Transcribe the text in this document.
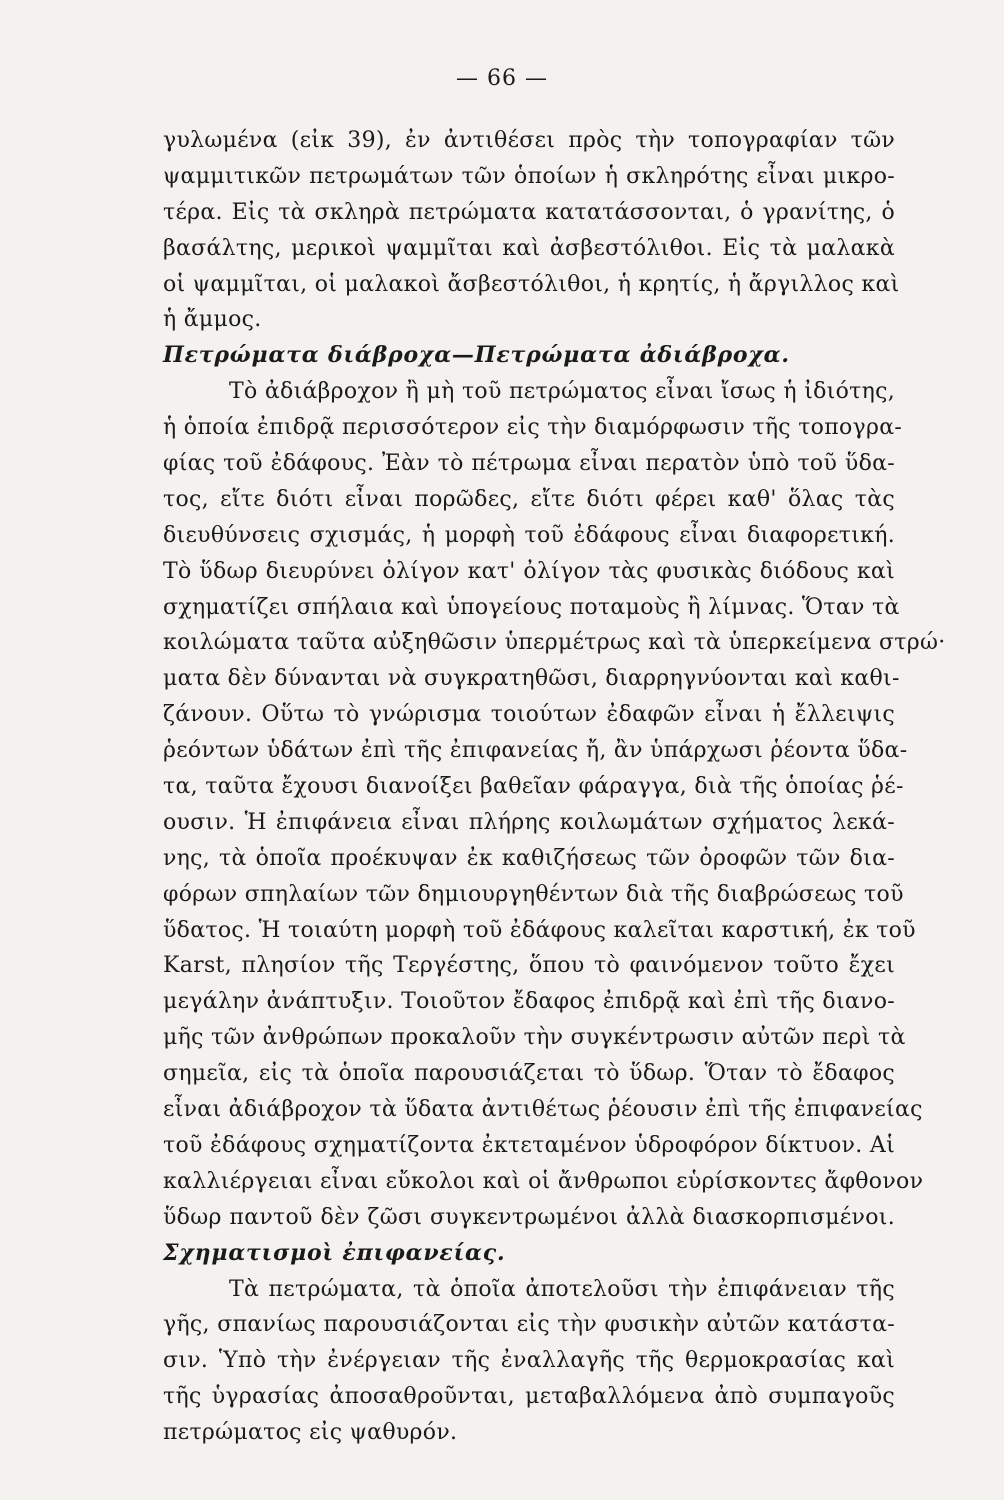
— 66 —
γυλωμένα (εἰκ 39), ἐν ἀντιθέσει πρὸς τὴν τοπογραφίαν τῶν
ψαμμιτικῶν πετρωμάτων τῶν ὁποίων ἡ σκληρότης εἶναι μικρο-
τέρα. Εἰς τὰ σκληρὰ πετρώματα κατατάσσονται, ὁ γρανίτης, ὁ
βασάλτης, μερικοὶ ψαμμῖται καὶ ἀσβεστόλιθοι. Εἰς τὰ μαλακὰ
οἱ ψαμμῖται, οἱ μαλακοὶ ἄσβεστόλιθοι, ἡ κρητίς, ἡ ἄργιλλος καὶ
ἡ ἄμμος.
Πετρώματα διάβροχα—Πετρώματα ἀδιάβροχα.
Τὸ ἀδιάβροχον ἢ μὴ τοῦ πετρώματος εἶναι ἴσως ἡ ἰδιότης,
ἡ ὁποία ἐπιδρᾷ περισσότερον εἰς τὴν διαμόρφωσιν τῆς τοπογρα-
φίας τοῦ ἐδάφους. Ἐὰν τὸ πέτρωμα εἶναι περατὸν ὑπὸ τοῦ ὕδα-
τος, εἴτε διότι εἶναι πορῶδες, εἴτε διότι φέρει καθ' ὅλας τὰς
διευθύνσεις σχισμάς, ἡ μορφὴ τοῦ ἐδάφους εἶναι διαφορετική.
Τὸ ὕδωρ διευρύνει ὀλίγον κατ' ὀλίγον τὰς φυσικὰς διόδους καὶ
σχηματίζει σπήλαια καὶ ὑπογείους ποταμοὺς ἢ λίμνας. Ὅταν τὰ
κοιλώματα ταῦτα αὐξηθῶσιν ὑπερμέτρως καὶ τὰ ὑπερκείμενα στρώ·
ματα δὲν δύνανται νὰ συγκρατηθῶσι, διαρρηγνύονται καὶ καθι-
ζάνουν. Οὕτω τὸ γνώρισμα τοιούτων ἐδαφῶν εἶναι ἡ ἔλλειψις
ῥεόντων ὑδάτων ἐπὶ τῆς ἐπιφανείας ἤ, ἂν ὑπάρχωσι ῥέοντα ὕδα-
τα, ταῦτα ἔχουσι διανοίξει βαθεῖαν φάραγγα, διὰ τῆς ὁποίας ῥέ-
ουσιν. Ἡ ἐπιφάνεια εἶναι πλήρης κοιλωμάτων σχήματος λεκά-
νης, τὰ ὁποῖα προέκυψαν ἐκ καθιζήσεως τῶν ὀροφῶν τῶν δια-
φόρων σπηλαίων τῶν δημιουργηθέντων διὰ τῆς διαβρώσεως τοῦ
ὕδατος. Ἡ τοιαύτη μορφὴ τοῦ ἐδάφους καλεῖται καρστική, ἐκ τοῦ
Karst, πλησίον τῆς Τεργέστης, ὅπου τὸ φαινόμενον τοῦτο ἔχει
μεγάλην ἀνάπτυξιν. Τοιοῦτον ἔδαφος ἐπιδρᾷ καὶ ἐπὶ τῆς διανο-
μῆς τῶν ἀνθρώπων προκαλοῦν τὴν συγκέντρωσιν αὐτῶν περὶ τὰ
σημεῖα, εἰς τὰ ὁποῖα παρουσιάζεται τὸ ὕδωρ. Ὅταν τὸ ἔδαφος
εἶναι ἀδιάβροχον τὰ ὕδατα ἀντιθέτως ῥέουσιν ἐπὶ τῆς ἐπιφανείας
τοῦ ἐδάφους σχηματίζοντα ἐκτεταμένον ὑδροφόρον δίκτυον. Αἱ
καλλιέργειαι εἶναι εὔκολοι καὶ οἱ ἄνθρωποι εὑρίσκοντες ἄφθονον
ὕδωρ παντοῦ δὲν ζῶσι συγκεντρωμένοι ἀλλὰ διασκορπισμένοι.
Σχηματισμοὶ ἐπιφανείας.
Τὰ πετρώματα, τὰ ὁποῖα ἀποτελοῦσι τὴν ἐπιφάνειαν τῆς
γῆς, σπανίως παρουσιάζονται εἰς τὴν φυσικὴν αὐτῶν κατάστα-
σιν. Ὑπὸ τὴν ἐνέργειαν τῆς ἐναλλαγῆς τῆς θερμοκρασίας καὶ
τῆς ὑγρασίας ἀποσαθροῦνται, μεταβαλλόμενα ἀπὸ συμπαγοῦς
πετρώματος εἰς ψαθυρόν.
